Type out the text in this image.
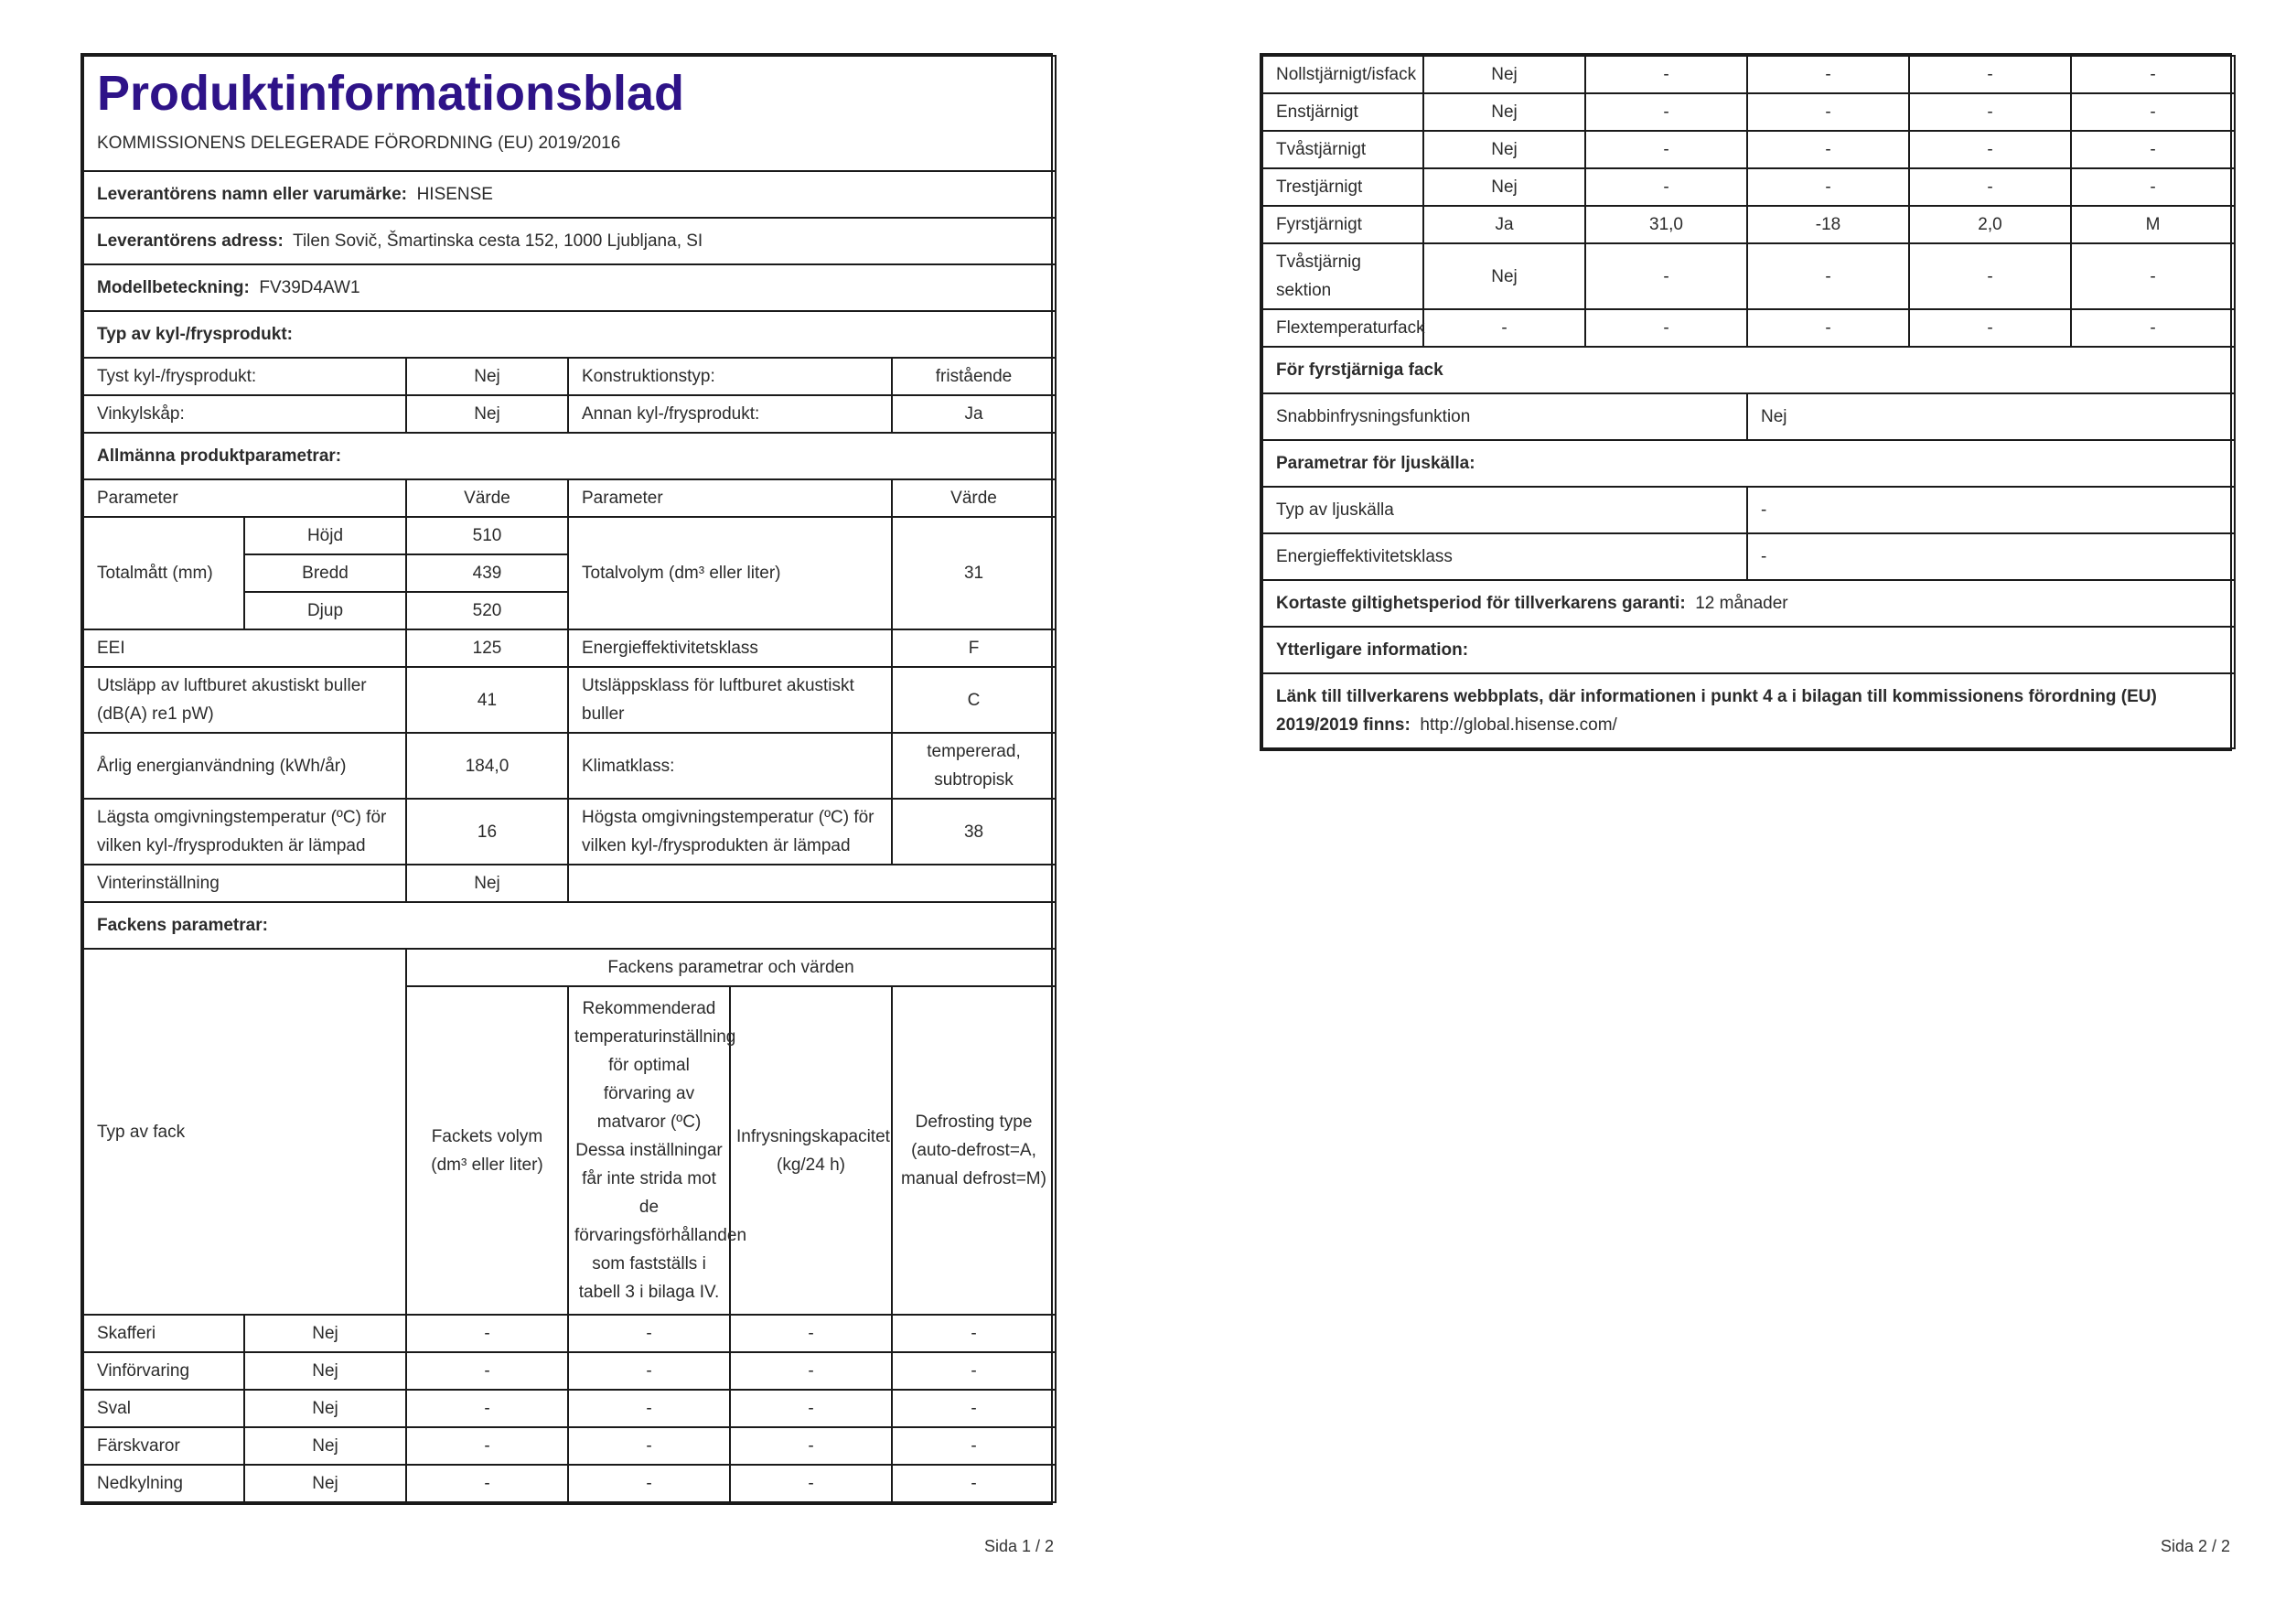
Produktinformationsblad
KOMMISSIONENS DELEGERADE FÖRORDNING (EU) 2019/2016					

Leverantörens namn eller varumärke: HISENSE					
Leverantörens adress: Tilen Sovič, Šmartinska cesta 152, 1000 Ljubljana, SI					
Modellbeteckning: FV39D4AW1					
Typ av kyl-/frysprodukt:					
Tyst kyl-/frysprodukt:		Nej	Konstruktionstyp:		fristående
Vinkylskåp:		Nej	Annan kyl-/frysprodukt:		Ja
Allmänna produktparametrar:					
Parameter		Värde	Parameter		Värde
Totalmått (mm)	Höjd	510	Totalvolym (dm³ eller liter)		31
	Bredd	439			
	Djup	520			
EEI		125	Energieffektivitetsklass		F
Utsläpp av luftburet akustiskt buller (dB(A) re1 pW)		41	Utsläppsklass för luftburet akustiskt buller		C
Årlig energianvändning (kWh/år)		184,0	Klimatklass:		tempererad, subtropisk
Lägsta omgivningstemperatur (ºC) för vilken kyl-/frysprodukten är lämpad		16	Högsta omgivningstemperatur (ºC) för vilken kyl-/frysprodukten är lämpad		38
Vinterinställning		Nej			
Fackens parametrar:					
Typ av fack		Fackens parametrar och värden			
		Fackets volym (dm³ eller liter)	Rekommenderad temperaturinställning för optimal förvaring av matvaror (ºC) Dessa inställningar får inte strida mot de förvaringsförhållanden som fastställs i tabell 3 i bilaga IV.	Infrysningskapacitet (kg/24 h)	Defrosting type (auto-defrost=A, manual defrost=M)
Skafferi	Nej	-	-	-	-
Vinförvaring	Nej	-	-	-	-
Sval	Nej	-	-	-	-
Färskvaror	Nej	-	-	-	-
Nedkylning	Nej	-	-	-	-
Sida 1 / 2
Nollstjärnigt/isfack	Nej	-	-	-	-
Enstjärnigt	Nej	-	-	-	-
Tvåstjärnigt	Nej	-	-	-	-
Trestjärnigt	Nej	-	-	-	-
Fyrstjärnigt	Ja	31,0	-18	2,0	M
Tvåstjärnig sektion	Nej	-	-	-	-
Flextemperaturfack	-	-	-	-	-
För fyrstjärniga fack					
Snabbinfrysningsfunktion			Nej		
Parametrar för ljuskälla:					
Typ av ljuskälla			-		
Energieffektivitetsklass			-		
Kortaste giltighetsperiod för tillverkarens garanti: 12 månader					
Ytterligare information:					
Länk till tillverkarens webbplats, där informationen i punkt 4 a i bilagan till kommissionens förordning (EU) 2019/2019 finns: http://global.hisense.com/					
Sida 2 / 2
